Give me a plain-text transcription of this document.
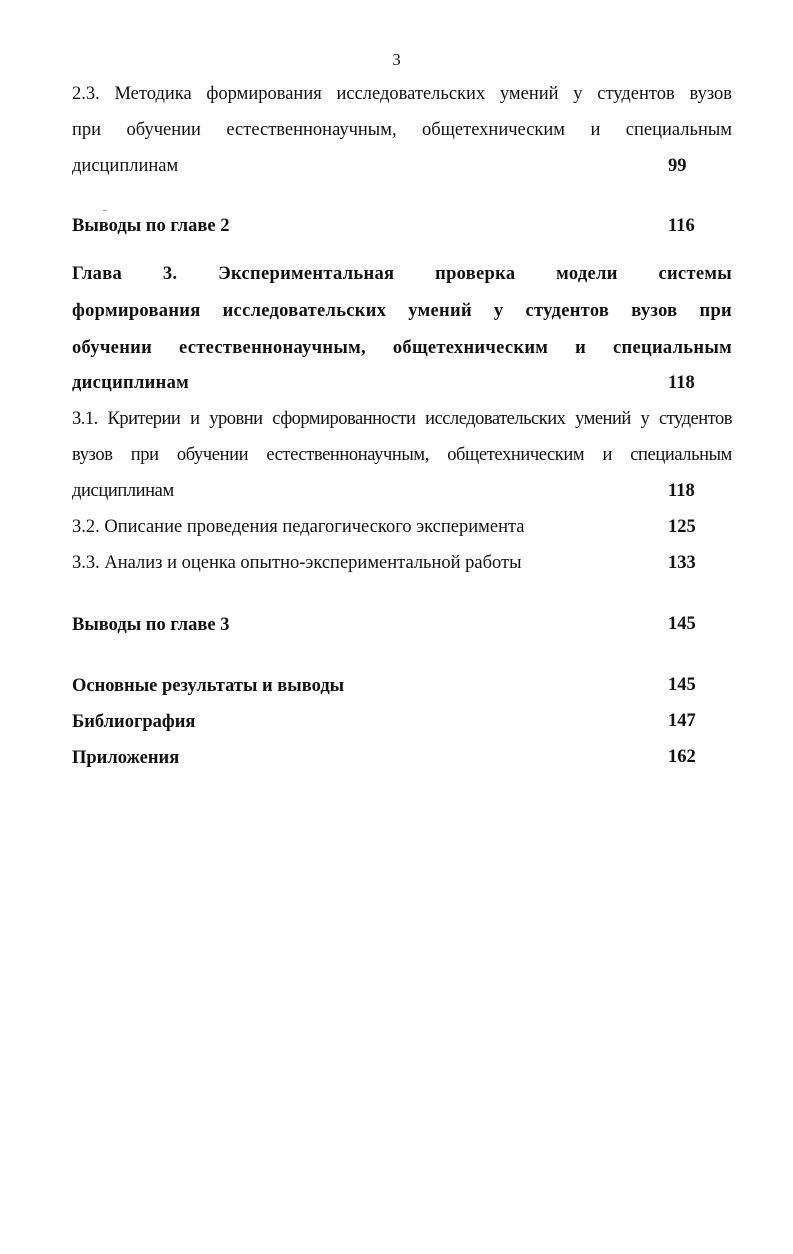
3
2.3. Методика формирования исследовательских умений у студентов вузов
при обучении естественнонаучным, общетехническим и специальным
дисциплинам	99
Выводы по главе 2	116
Глава 3. Экспериментальная проверка модели системы
формирования исследовательских умений у студентов вузов при
обучении естественнонаучным, общетехническим и специальным
дисциплинам	118
3.1. Критерии и уровни сформированности исследовательских умений у студентов
вузов при обучении естественнонаучным, общетехническим и специальным
дисциплинам	118
3.2. Описание проведения педагогического эксперимента	125
3.3. Анализ и оценка опытно-экспериментальной работы	133
Выводы по главе 3	145
Основные результаты и выводы	145
Библиография	147
Приложения	162
